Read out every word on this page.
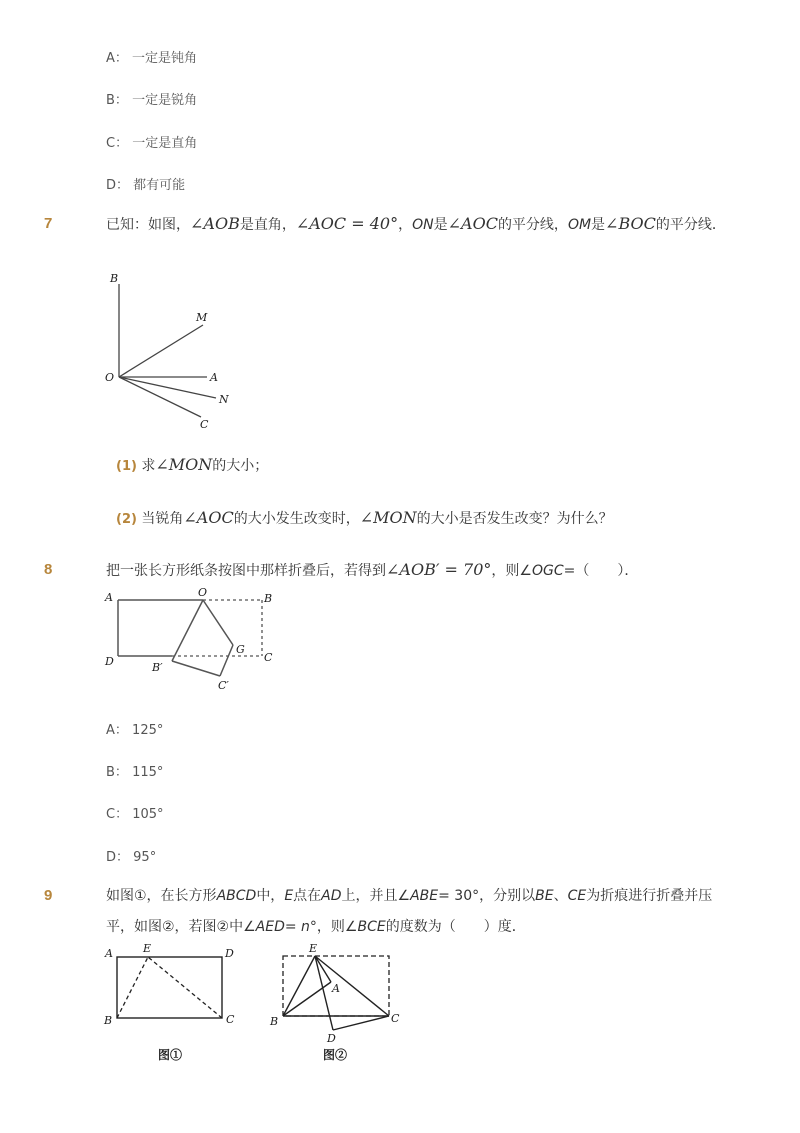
A： 一定是钝角
B： 一定是锐角
C： 一定是直角
D： 都有可能
7	已知：如图，∠AOB是直角，∠AOC = 40°，ON是∠AOC的平分线，OM是∠BOC的平分线．
B
M
O	A
N
C
(1) 求∠MON的大小；
(2) 当锐角∠AOC的大小发生改变时，∠MON的大小是否发生改变？为什么？
8	把一张长方形纸条按图中那样折叠后，若得到∠AOB′ = 70°，则∠OGC=（　　）．
A	O	B
D	B′
G
C
C′
A： 125°
B： 115°
C： 105°
D： 95°
9	如图①，在长方形ABCD中，E点在AD上，并且∠ABE= 30°，分别以BE、CE为折痕进行折叠并压平，如图②，若图②中∠AED= n°，则∠BCE的度数为（　　）度．
A	E	D
B	C
图①
E
A
B	C
D
图②
